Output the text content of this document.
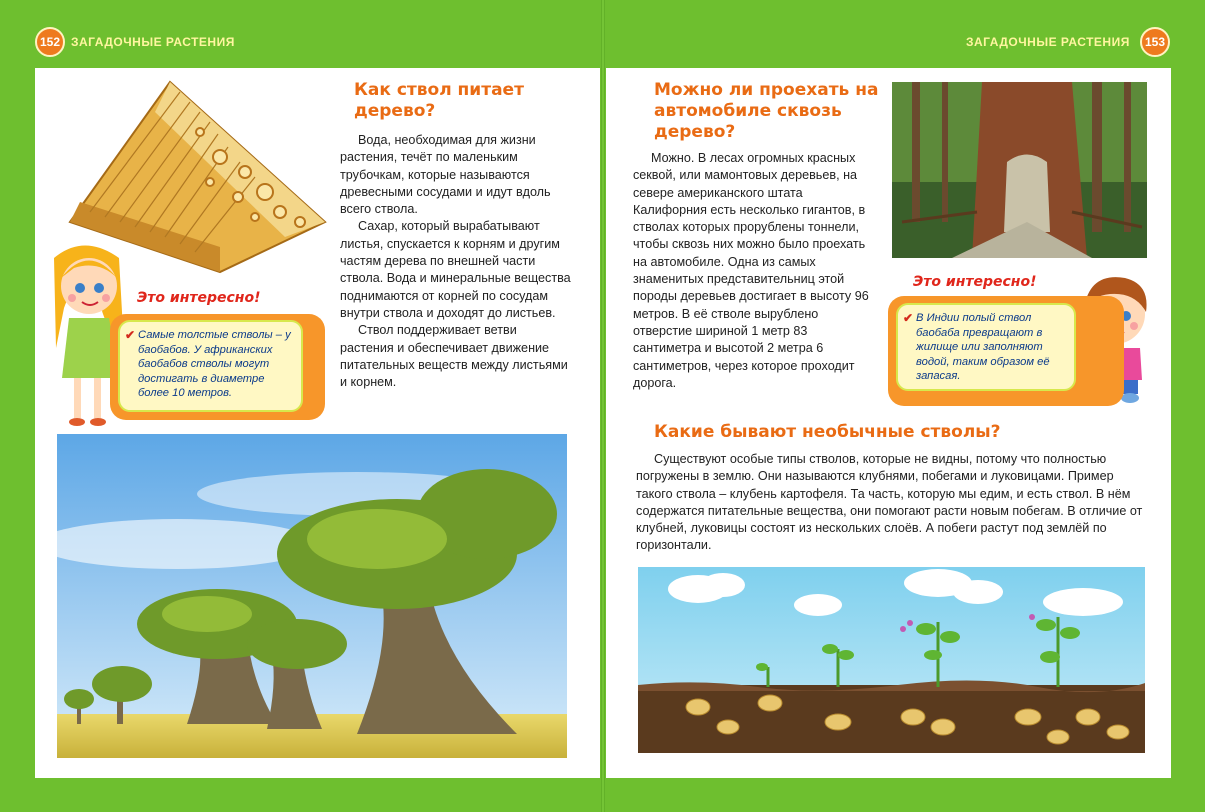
152 ЗАГАДОЧНЫЕ РАСТЕНИЯ	ЗАГАДОЧНЫЕ РАСТЕНИЯ	153
Как ствол питает дерево?

Вода, необходимая для жизни растения, течёт по маленьким трубочкам, которые называются древесными сосудами и идут вдоль всего ствола.

Сахар, который вырабатывают листья, спускается к корням и другим частям дерева по внешней части ствола. Вода и минеральные вещества поднимаются от корней по сосудам внутри ствола и доходят до листьев.

Ствол поддерживает ветви растения и обеспечивает движение питательных веществ между листьями и корнем.

Это интересно!
✔ Самые толстые стволы – у баобабов. У африканских баобабов стволы могут достигать в диаметре более 10 метров.
Можно ли проехать на автомобиле сквозь дерево?

Можно. В лесах огромных красных секвой, или мамонтовых деревьев, на севере американского штата Калифорния есть несколько гигантов, в стволах которых прорублены тоннели, чтобы сквозь них можно было проехать на автомобиле. Одна из самых знаменитых представительниц этой породы деревьев достигает в высоту 96 метров. В её стволе вырублено отверстие шириной 1 метр 83 сантиметра и высотой 2 метра 6 сантиметров, через которое проходит дорога.

Это интересно!
✔ В Индии полый ствол баобаба превращают в жилище или заполняют водой, таким образом её запасая.
Какие бывают необычные стволы?

Существуют особые типы стволов, которые не видны, потому что полностью погружены в землю. Они называются клубнями, побегами и луковицами. Пример такого ствола – клубень картофеля. Та часть, которую мы едим, и есть ствол. В нём содержатся питательные вещества, они помогают расти новым побегам. В отличие от клубней, луковицы состоят из нескольких слоёв. А побеги растут под землёй по горизонтали.
